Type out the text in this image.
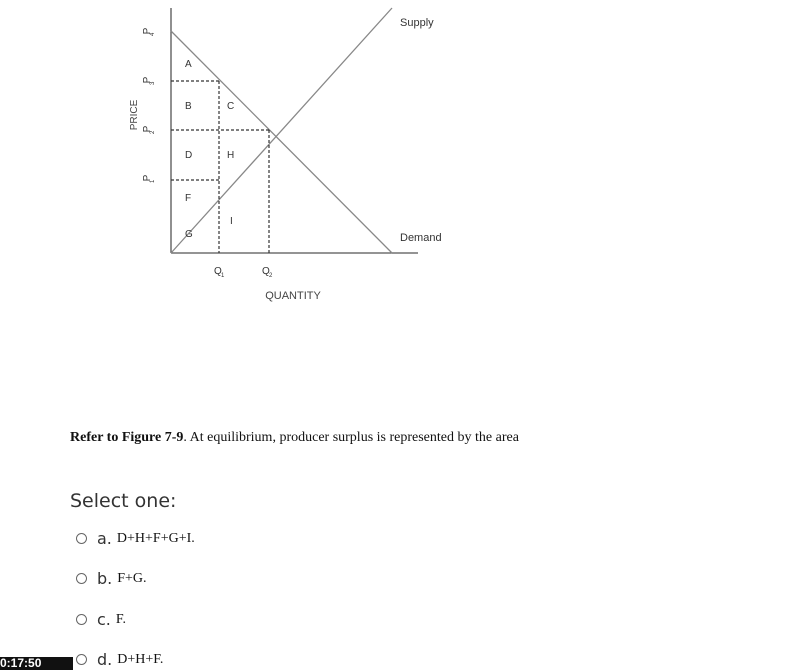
PRICE
P
4
P
3
P
2
P
1
Q 1	Q 2
QUANTITY
Supply
Demand
A
B	C
D	H
F
I
G
Refer to Figure 7-9. At equilibrium, producer surplus is represented by the area
Select one:
a. D+H+F+G+I.
b. F+G.
c. F.
d. D+H+F.
0:17:50
